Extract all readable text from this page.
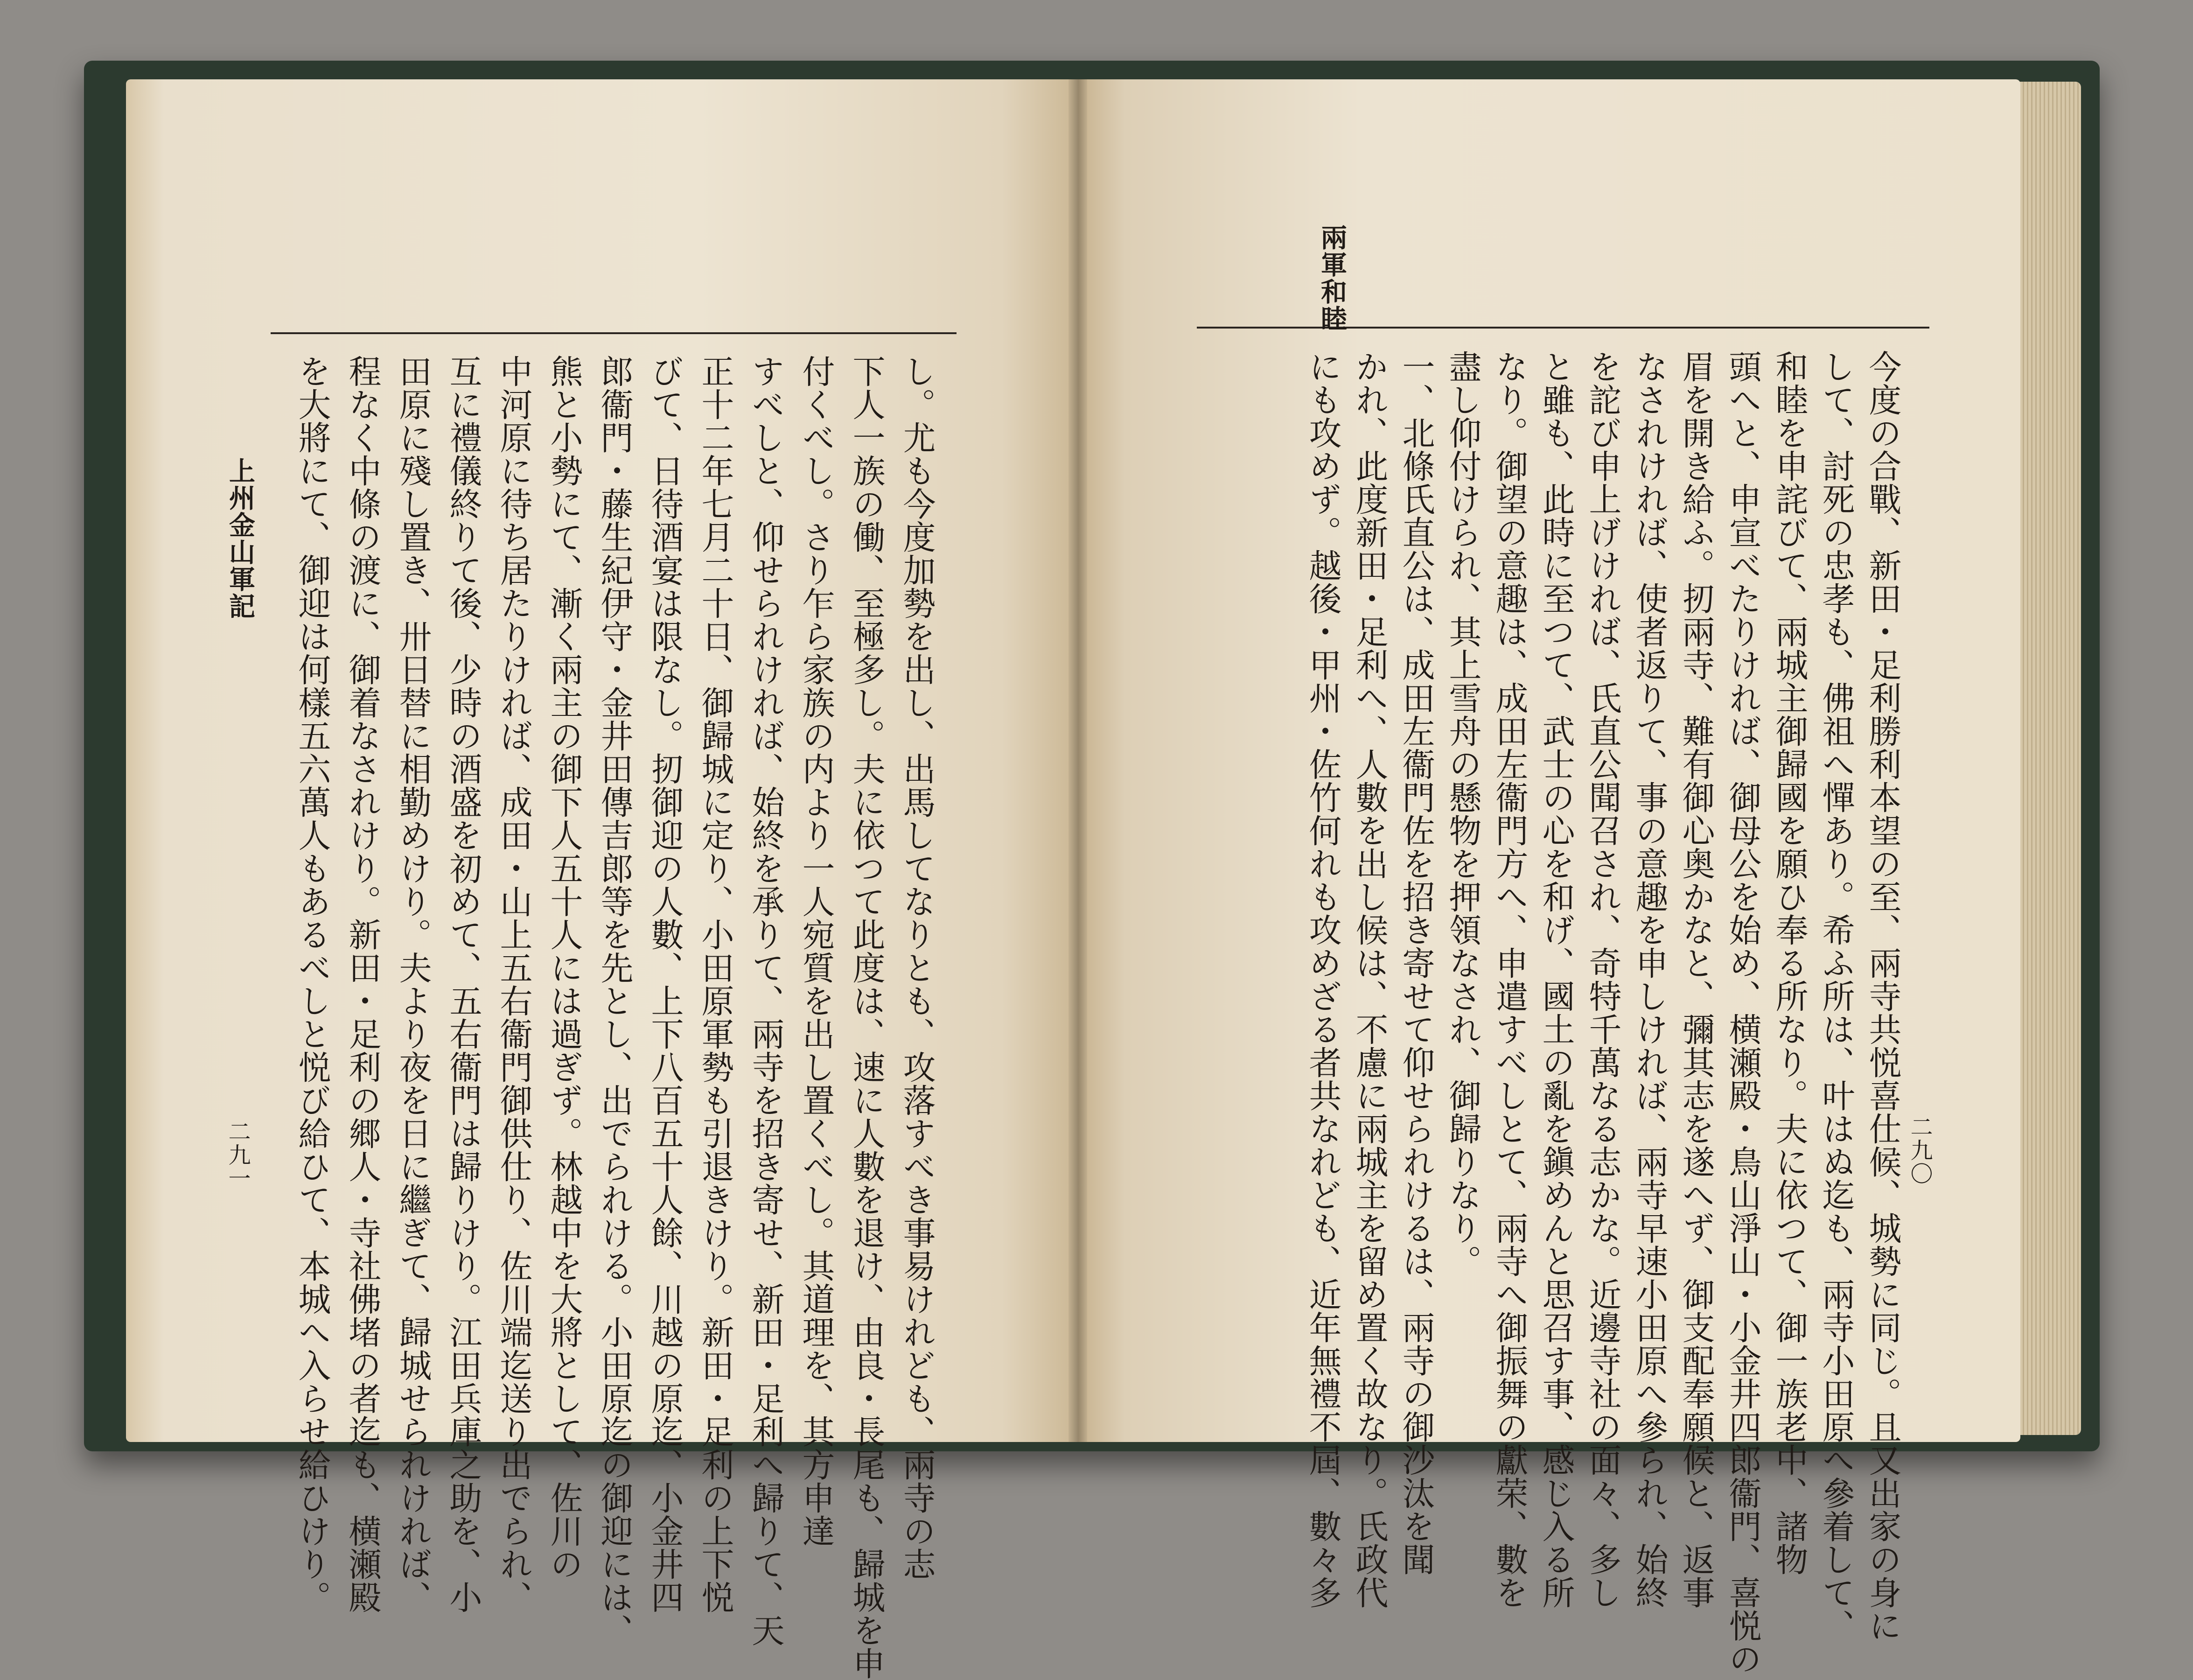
兩軍和睦
二九〇
上州金山軍記
二九一	今度の合戰、新田・足利勝利本望の至、兩寺共悦喜仕候、城勢に同じ。且又出家の身に
して、討死の忠孝も、佛祖へ憚あり。希ふ所は、叶はぬ迄も、兩寺小田原へ參着して、
和睦を申詫びて、兩城主御歸國を願ひ奉る所なり。夫に依つて、御一族老中、諸物
頭へと、申宣べたりければ、御母公を始め、横瀬殿・鳥山淨山・小金井四郎衞門、喜悦の
眉を開き給ふ。扨兩寺、難有御心奥かなと、彌其志を遂へず、御支配奉願候と、返事
なされければ、使者返りて、事の意趣を申しければ、兩寺早速小田原へ參られ、始終
を詑び申上げければ、氏直公聞召され、奇特千萬なる志かな。近邊寺社の面々、多し
と雖も、此時に至つて、武士の心を和げ、國土の亂を鎭めんと思召す事、感じ入る所
なり。御望の意趣は、成田左衞門方へ、申遣すべしとて、兩寺へ御振舞の獻荣、數を
盡し仰付けられ、其上雪舟の懸物を押領なされ、御歸りなり。
一、北條氏直公は、成田左衞門佐を招き寄せて仰せられけるは、兩寺の御沙汰を聞
かれ、此度新田・足利へ、人數を出し候は、不慮に兩城主を留め置く故なり。氏政代
にも攻めず。越後・甲州・佐竹何れも攻めざる者共なれども、近年無禮不屆、數々多
し。尤も今度加勢を出し、出馬してなりとも、攻落すべき事易けれども、兩寺の志
下人一族の働、至極多し。夫に依つて此度は、速に人數を退け、由良・長尾も、歸城を申
付くべし。さり乍ら家族の内より一人宛質を出し置くべし。其道理を、其方申達
すべしと、仰せられければ、始終を承りて、兩寺を招き寄せ、新田・足利へ歸りて、天
正十二年七月二十日、御歸城に定り、小田原軍勢も引退きけり。新田・足利の上下悦
びて、日待酒宴は限なし。扨御迎の人數、上下八百五十人餘、川越の原迄、小金井四
郎衞門・藤生紀伊守・金井田傳吉郎等を先とし、出でられける。小田原迄の御迎には、
熊と小勢にて、漸く兩主の御下人五十人には過ぎず。林越中を大將として、佐川の
中河原に待ち居たりければ、成田・山上五右衞門御供仕り、佐川端迄送り出でられ、
互に禮儀終りて後、少時の酒盛を初めて、五右衞門は歸りけり。江田兵庫之助を、小
田原に殘し置き、卅日替に相勤めけり。夫より夜を日に繼ぎて、歸城せられければ、
程なく中條の渡に、御着なされけり。新田・足利の郷人・寺社佛堵の者迄も、横瀬殿
を大將にて、御迎は何樣五六萬人もあるべしと悦び給ひて、本城へ入らせ給ひけり。
